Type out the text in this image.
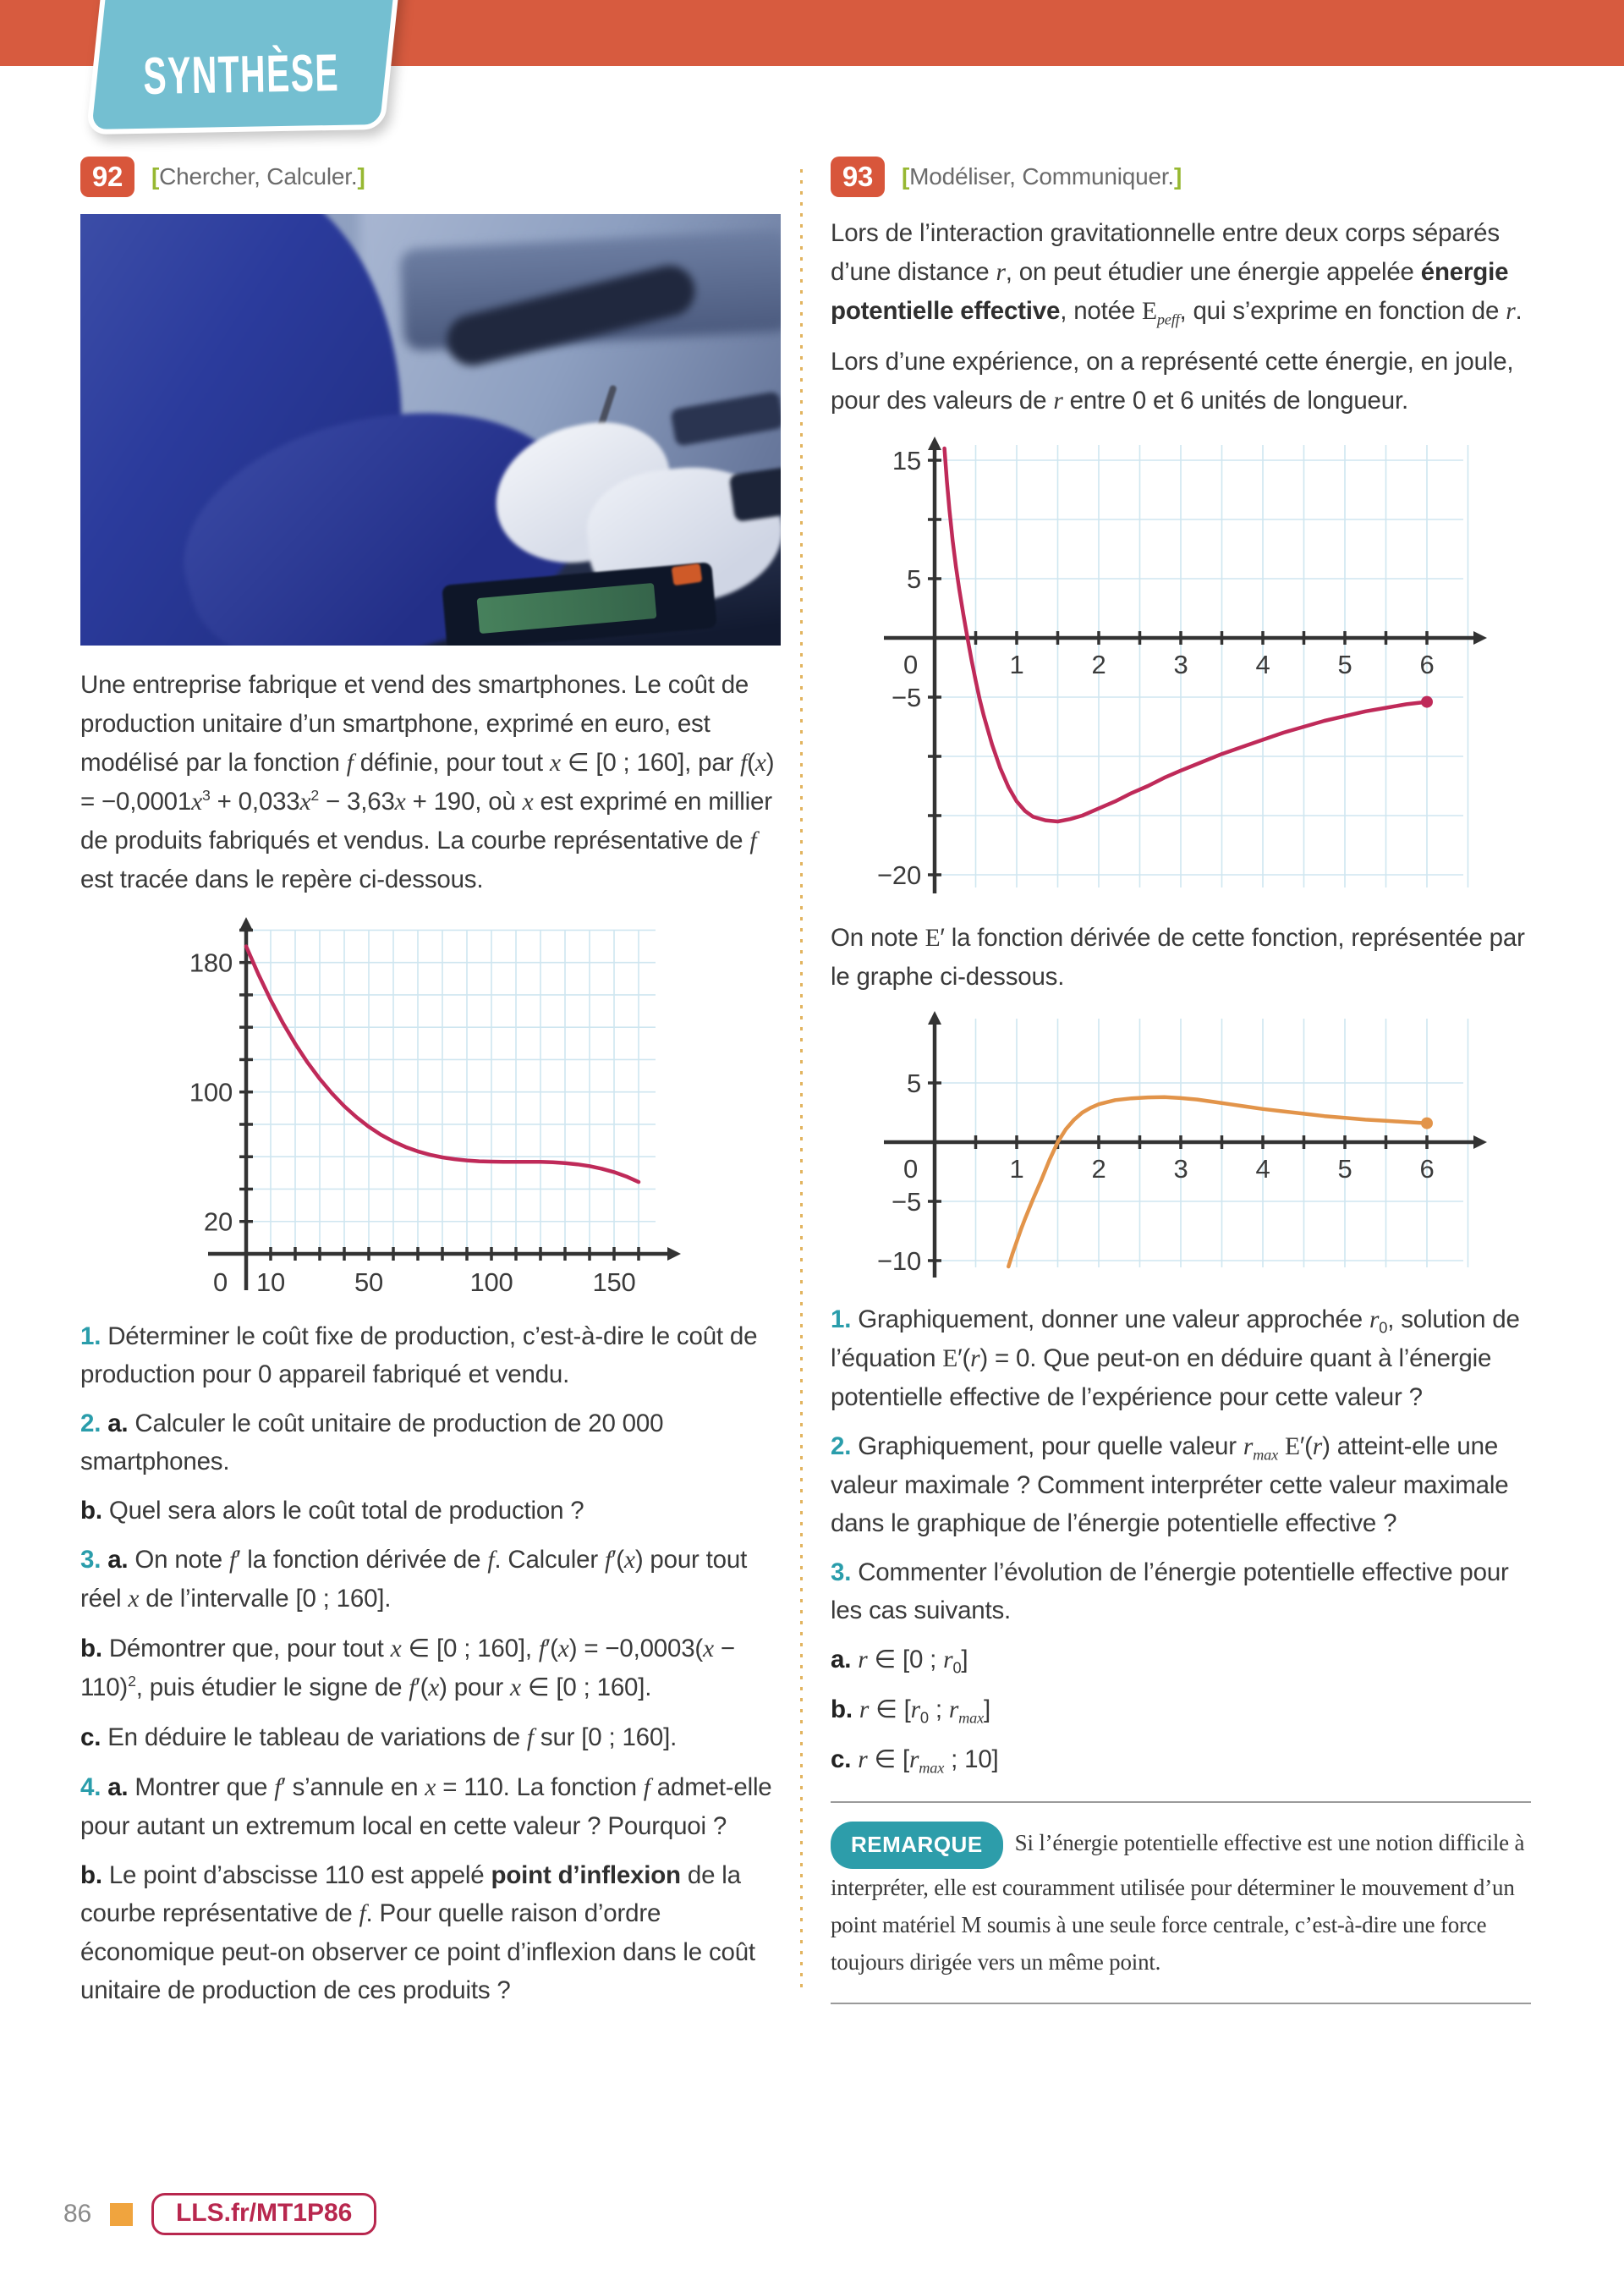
SYNTHÈSE
92	[Chercher, Calculer.]

Une entreprise fabrique et vend des smartphones. Le coût de production unitaire d’un smartphone, exprimé en euro, est modélisé par la fonction f définie, pour tout x ∈ [0 ; 160], par $f(x) = -0,0001x^3 + 0,033x^2 - 3,63x + 190$, où x est exprimé en millier de produits fabriqués et vendus. La courbe représentative de f est tracée dans le repère ci-dessous.

10	50	100	150
180
100
20
0

1. Déterminer le coût fixe de production, c’est-à-dire le coût de production pour 0 appareil fabriqué et vendu.

2. a. Calculer le coût unitaire de production de 20 000 smartphones.

b. Quel sera alors le coût total de production ?

3. a. On note f′ la fonction dérivée de f. Calculer f′(x) pour tout réel x de l’intervalle [0 ; 160].

b. Démontrer que, pour tout x ∈ [0 ; 160], $f'(x) = -0,0003(x - 110)^2$, puis étudier le signe de f′(x) pour x ∈ [0 ; 160].

c. En déduire le tableau de variations de f sur [0 ; 160].

4. a. Montrer que f′ s’annule en x = 110. La fonction f admet-elle pour autant un extremum local en cette valeur ? Pourquoi ?

b. Le point d’abscisse 110 est appelé point d’inflexion de la courbe représentative de f. Pour quelle raison d’ordre économique peut-on observer ce point d’inflexion dans le coût unitaire de production de ces produits ?

93	[Modéliser, Communiquer.]

Lors de l’interaction gravitationnelle entre deux corps séparés d’une distance r, on peut étudier une énergie appelée énergie potentielle effective, notée $E_{peff}$, qui s’exprime en fonction de r.

Lors d’une expérience, on a représenté cette énergie, en joule, pour des valeurs de r entre 0 et 6 unités de longueur.

1	2	3	4	5	6
15
5
−5
−20
0

On note E′ la fonction dérivée de cette fonction, représentée par le graphe ci-dessous.

1	2	3	4	5	6
5
−5
−10
0

1. Graphiquement, donner une valeur approchée $r_0$, solution de l’équation E′(r) = 0. Que peut-on en déduire quant à l’énergie potentielle effective de l’expérience pour cette valeur ?

2. Graphiquement, pour quelle valeur $r_{max}$ E′(r) atteint-elle une valeur maximale ? Comment interpréter cette valeur maximale dans le graphique de l’énergie potentielle effective ?

3. Commenter l’évolution de l’énergie potentielle effective pour les cas suivants.

a. r ∈ [0 ; $r_0$]

b. r ∈ [$r_0$ ; $r_{max}$]

c. r ∈ [$r_{max}$ ; 10]

REMARQUE Si l’énergie potentielle effective est une notion difficile à interpréter, elle est couramment utilisée pour déterminer le mouvement d’un point matériel M soumis à une seule force centrale, c’est-à-dire une force toujours dirigée vers un même point.

86	LLS.fr/MT1P86
